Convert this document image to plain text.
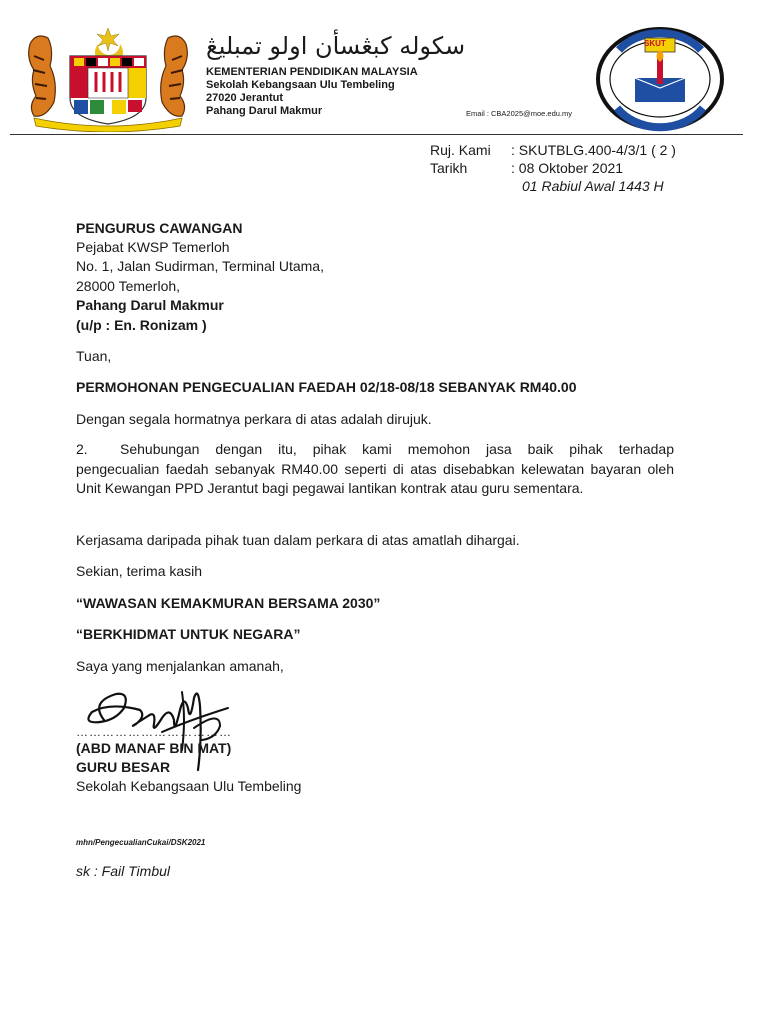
سکوله کبڠسأن اولو تمبليڠ
KEMENTERIAN PENDIDIKAN MALAYSIA
Sekolah Kebangsaan Ulu Tembeling
27020 Jerantut
Pahang Darul Makmur	Email : CBA2025@moe.edu.my
SKUT
Ruj. Kami : SKUTBLG.400-4/3/1 ( 2 )
Tarikh	: 08 Oktober 2021
01 Rabiul Awal 1443 H
PENGURUS CAWANGAN
Pejabat KWSP Temerloh
No. 1, Jalan Sudirman, Terminal Utama,
28000 Temerloh,
Pahang Darul Makmur
(u/p : En. Ronizam )
Tuan,
PERMOHONAN PENGECUALIAN FAEDAH 02/18-08/18 SEBANYAK RM40.00
Dengan segala hormatnya perkara di atas adalah dirujuk.
2.	Sehubungan dengan itu, pihak kami memohon jasa baik pihak terhadap
pengecualian faedah sebanyak RM40.00 seperti di atas disebabkan kelewatan bayaran oleh Unit Kewangan PPD Jerantut bagi pegawai lantikan kontrak atau guru sementara.
Kerjasama daripada pihak tuan dalam perkara di atas amatlah dihargai.
Sekian, terima kasih
“WAWASAN KEMAKMURAN BERSAMA 2030”
“BERKHIDMAT UNTUK NEGARA”
Saya yang menjalankan amanah,
………………………………
(ABD MANAF BIN MAT)
GURU BESAR
Sekolah Kebangsaan Ulu Tembeling
mhn/PengecualianCukai/DSK2021
sk : Fail Timbul
